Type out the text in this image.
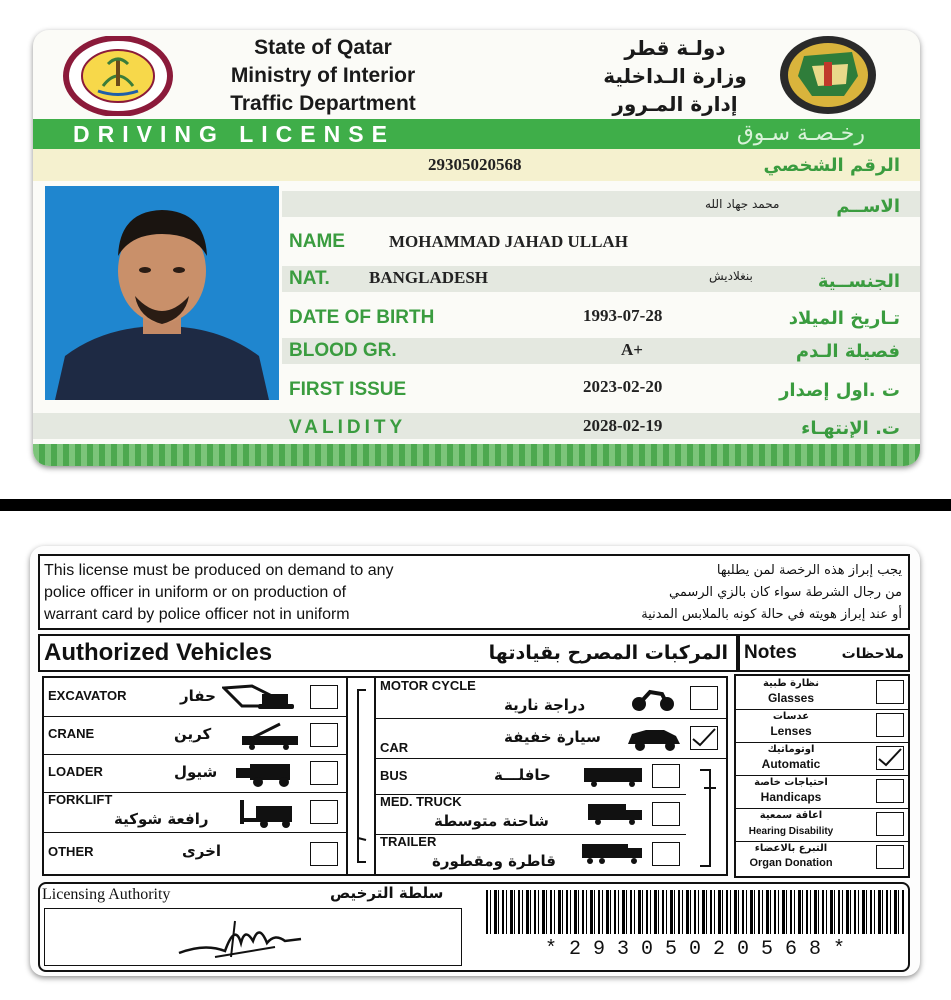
State of Qatar
Ministry of Interior
Traffic Department
دولـة قطر
وزارة الـداخلية
إدارة المـرور
DRIVING LICENSE	رخـصـة سـوق
29305020568	الرقم الشخصي
محمد جهاد الله	الاســم
NAME	MOHAMMAD JAHAD ULLAH
NAT. BANGLADESH	بنغلاديش	الجنســية
DATE OF BIRTH	1993-07-28	تـاريخ الميلاد
BLOOD GR.	A+	فصيلة الـدم
FIRST ISSUE	2023-02-20	ت .اول إصدار
VALIDITY	2028-02-19	ت. الإنتهـاء
This license must be produced on demand to any
police officer in uniform or on production of
warrant card by police officer not in uniform
يجب إبراز هذه الرخصة لمن يطلبها
من رجال الشرطة سواء كان بالزي الرسمي
أو عند إبراز هويته في حالة كونه بالملابس المدنية
Authorized Vehicles	المركبات المصرح بقيادتها Notes	ملاحظات
EXCAVATOR	حفار
CRANE	كرين
LOADER	شيول
FORKLIFT
رافعة شوكية
OTHER	اخرى
MOTOR CYCLE
دراجة نارية
CAR
سيارة خفيفة
BUS	حافلـــة
MED. TRUCK
شاحنة متوسطة
TRAILER
قاطرة ومقطورة
نظارة طبية
Glasses
عدسات
Lenses
اوتوماتيك
Automatic
احتياجات خاصة
Handicaps
اعاقة سمعية
Hearing Disability
التبرع بالاعضاء
Organ Donation
Licensing Authority	سلطة الترخيص
* 2 9 3 0 5 0 2 0 5 6 8 *
